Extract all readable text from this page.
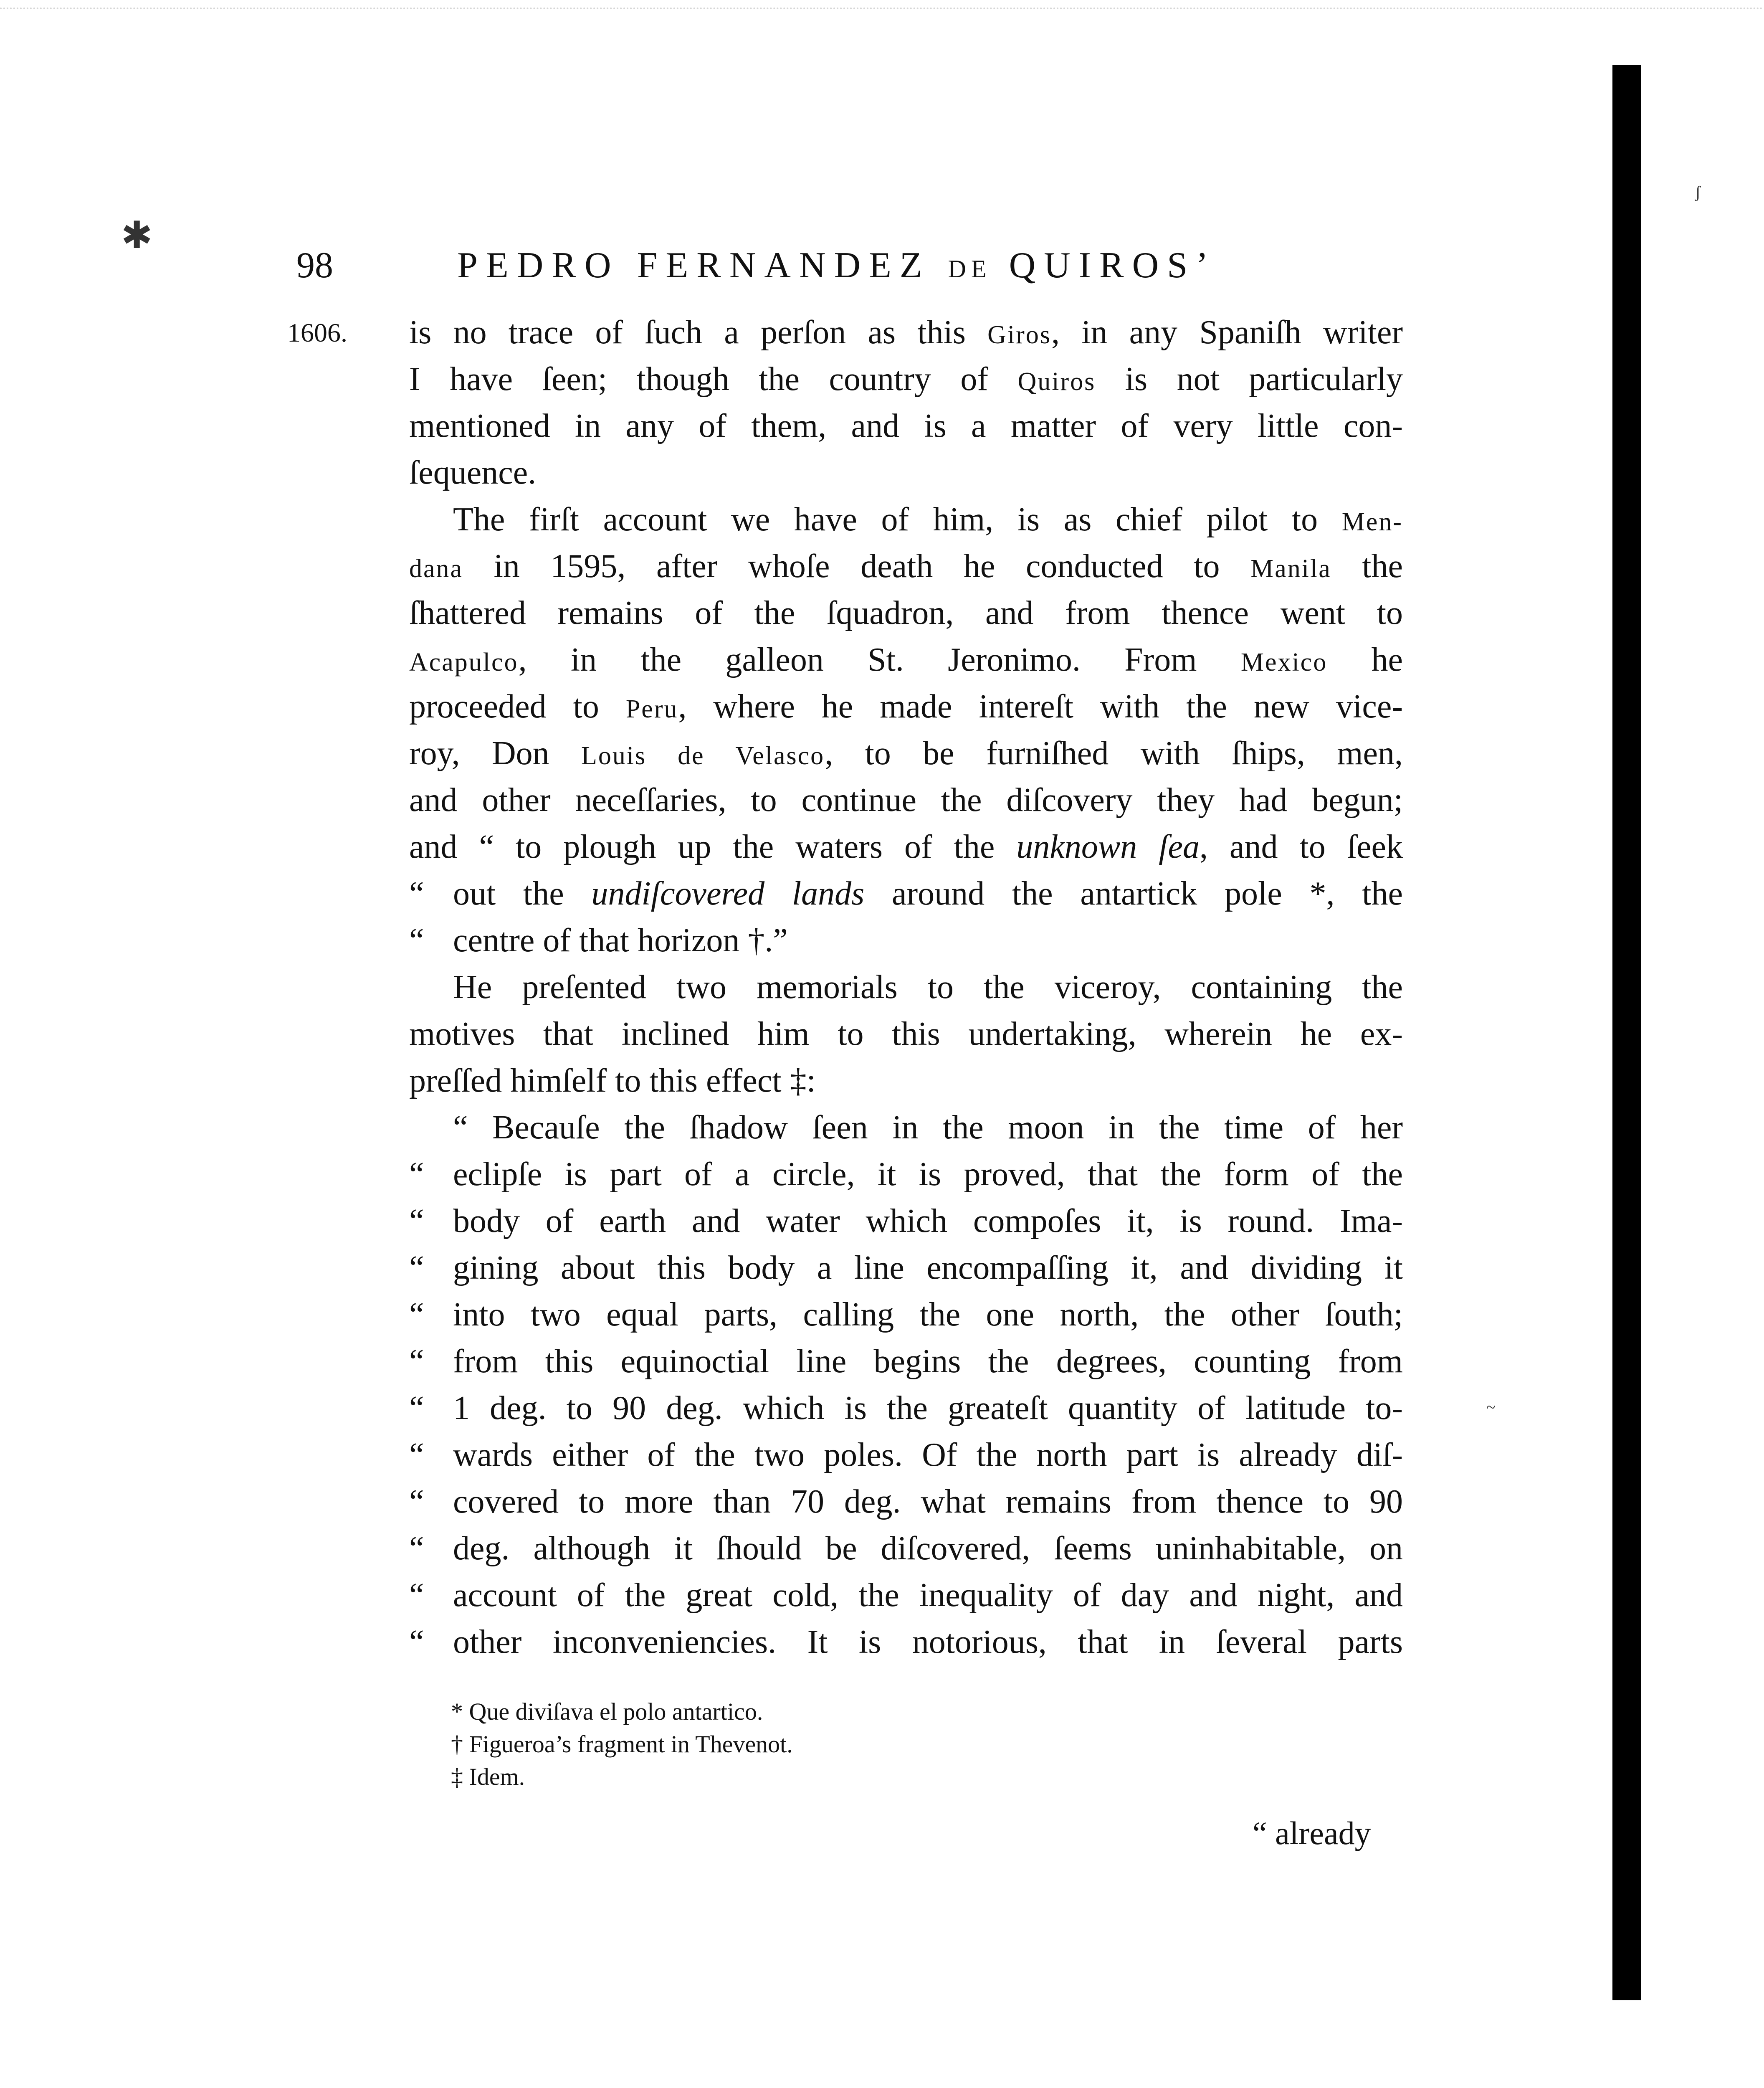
98	PEDRO FERNANDEZ DE QUIROS’
1606. is no trace of ſuch a perſon as this Giros, in any Spaniſh writer
I have ſeen; though the country of Quiros is not particularly
mentioned in any of them, and is a matter of very little con-
ſequence.
The firſt account we have of him, is as chief pilot to Men-
dana in 1595, after whoſe death he conducted to Manila the
ſhattered remains of the ſquadron, and from thence went to
Acapulco, in the galleon St. Jeronimo. From Mexico he
proceeded to Peru, where he made intereſt with the new vice-
roy, Don Louis de Velasco, to be furniſhed with ſhips, men,
and other neceſſaries, to continue the diſcovery they had begun;
and “ to plough up the waters of the unknown ſea, and to ſeek
“ out the undiſcovered lands around the antartick pole *, the
“ centre of that horizon †.”
He preſented two memorials to the viceroy, containing the
motives that inclined him to this undertaking, wherein he ex-
preſſed himſelf to this effect ‡:
“ Becauſe the ſhadow ſeen in the moon in the time of her
“ eclipſe is part of a circle, it is proved, that the form of the
“ body of earth and water which compoſes it, is round. Ima-
“ gining about this body a line encompaſſing it, and dividing it
“ into two equal parts, calling the one north, the other ſouth;
“ from this equinoctial line begins the degrees, counting from
“ 1 deg. to 90 deg. which is the greateſt quantity of latitude to-
“ wards either of the two poles. Of the north part is already diſ-
“ covered to more than 70 deg. what remains from thence to 90
“ deg. although it ſhould be diſcovered, ſeems uninhabitable, on
“ account of the great cold, the inequality of day and night, and
“ other inconveniencies. It is notorious, that in ſeveral parts
* Que diviſava el polo antartico.
† Figueroa’s fragment in Thevenot.
‡ Idem.
“ already
✱
ʃ
~
